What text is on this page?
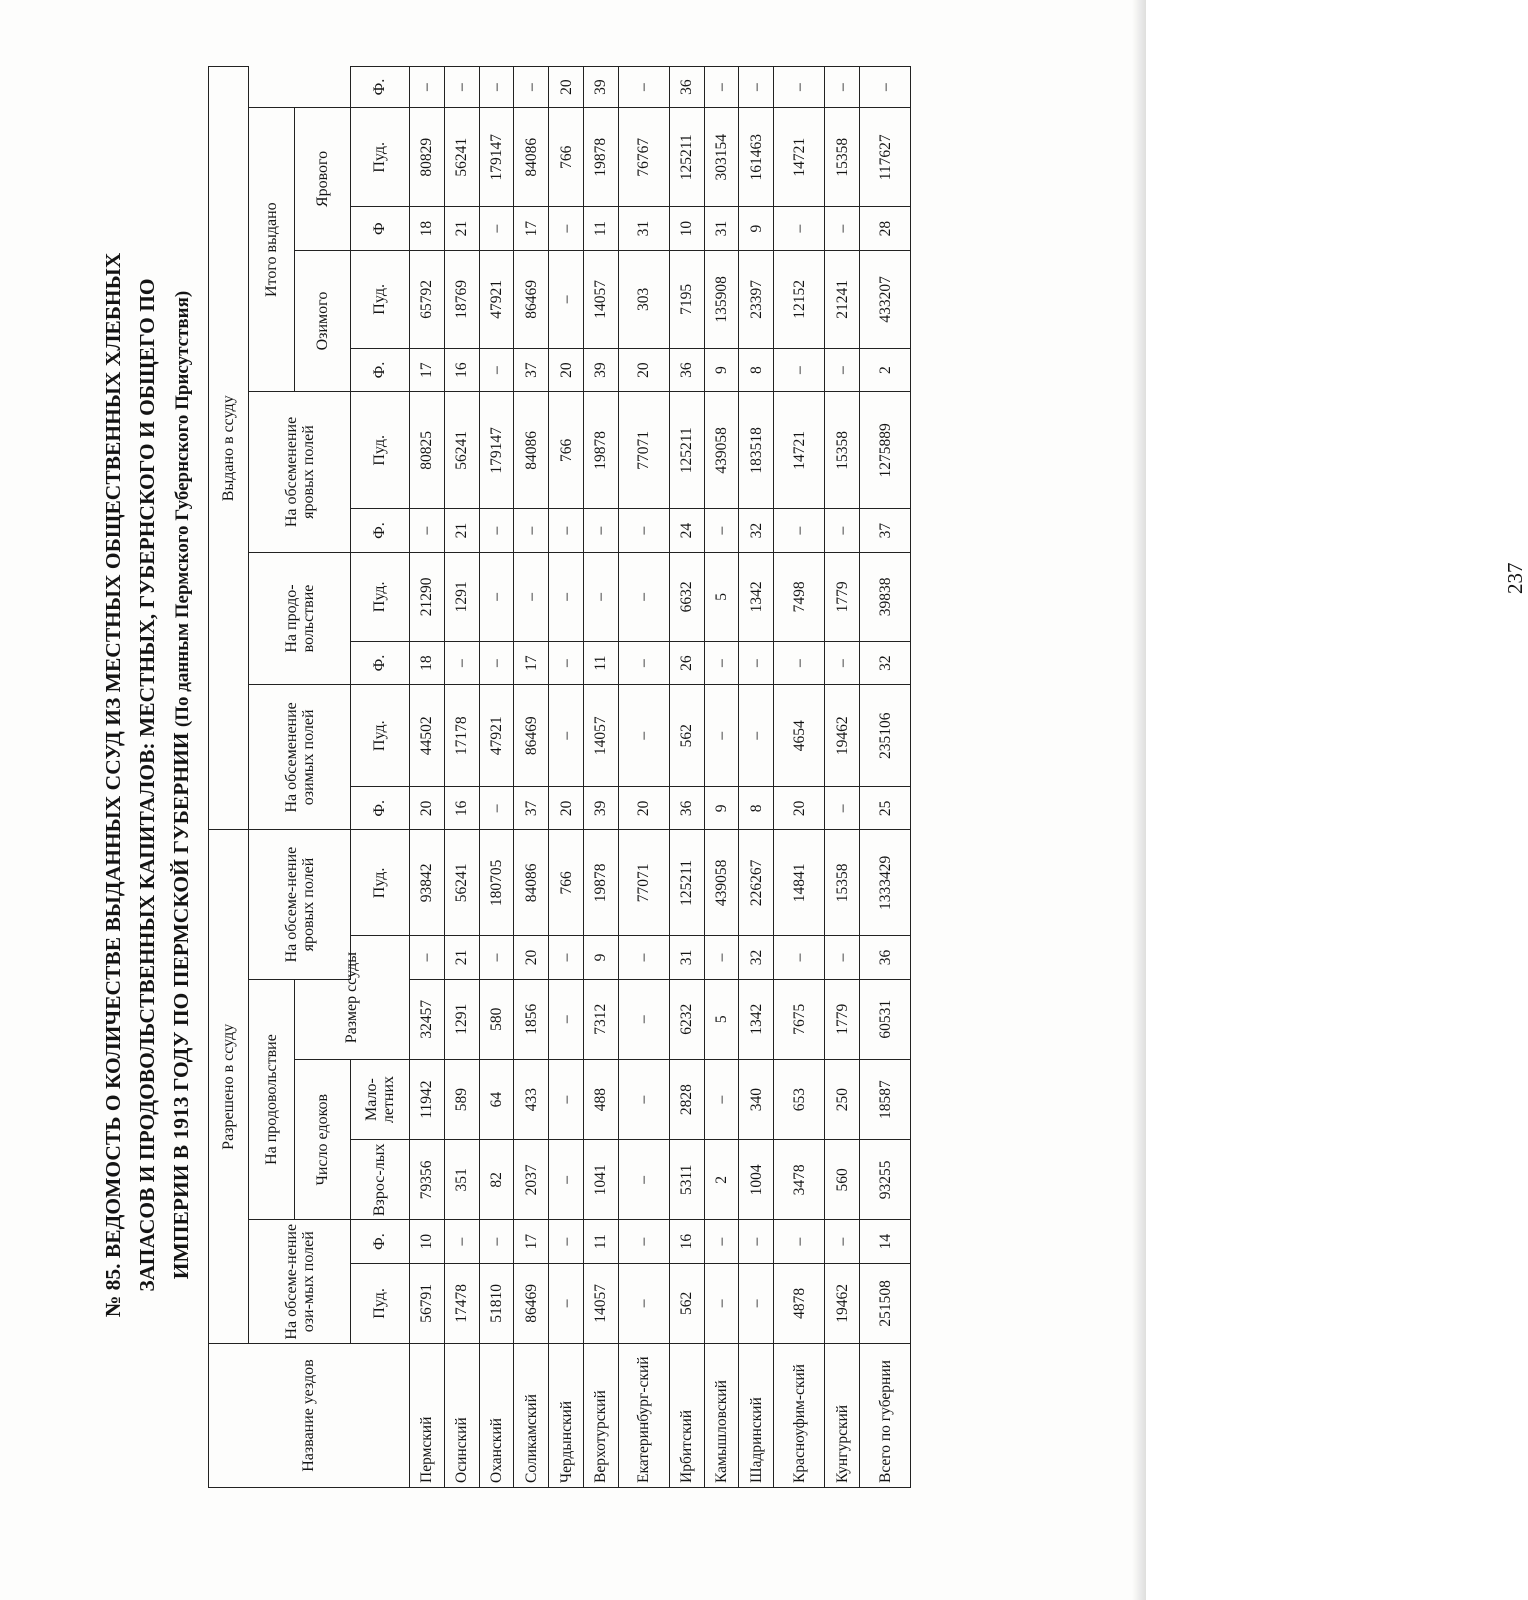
№ 85. ВЕДОМОСТЬ О КОЛИЧЕСТВЕ ВЫДАННЫХ ССУД ИЗ МЕСТНЫХ ОБЩЕСТВЕННЫХ ХЛЕБНЫХ ЗАПАСОВ И ПРОДОВОЛЬСТВЕННЫХ КАПИТАЛОВ: МЕСТНЫХ, ГУБЕРНСКОГО И ОБЩЕГО ПО ИМПЕРИИ В 1913 ГОДУ ПО ПЕРМСКОЙ ГУБЕРНИИ (По данным Пермского Губернского Присутствия)
Название уездов	Разрешено в ссуду							Выдано в ссуду										
	На обсеме-нение ози-мых полей		На продовольствие			На обсеме-нение яровых полей		На обсеменение озимых полей		На продо-вольствие		На обсеменение яровых полей		Итого выдано				
			Число едоков		Размер ссуды									Озимого		Ярового		
	Пуд.	Ф.	Взрос-лых	Мало-летних			Пуд.	Ф.	Пуд.	Ф.	Пуд.	Ф.	Пуд.	Ф.	Пуд.	Ф	Пуд.	Ф.
Пермский	56791	10	79356	11942	32457	–	93842	20	44502	18	21290	–	80825	17	65792	18	80829	–
Осинский	17478	–	351	589	1291	21	56241	16	17178	–	1291	21	56241	16	18769	21	56241	–
Оханский	51810	–	82	64	580	–	180705	–	47921	–	–	–	179147	–	47921	–	179147	–
Соликамский	86469	17	2037	433	1856	20	84086	37	86469	17	–	–	84086	37	86469	17	84086	–
Чердынский	–	–	–	–	–	–	766	20	–	–	–	–	766	20	–	–	766	20
Верхотурский	14057	11	1041	488	7312	9	19878	39	14057	11	–	–	19878	39	14057	11	19878	39
Екатеринбург-ский	–	–	–	–	–	–	77071	20	–	–	–	–	77071	20	303	31	76767	–
Ирбитский	562	16	5311	2828	6232	31	125211	36	562	26	6632	24	125211	36	7195	10	125211	36
Камышловский	–	–	2	–	5	–	439058	9	–	–	5	–	439058	9	135908	31	303154	–
Шадринский	–	–	1004	340	1342	32	226267	8	–	–	1342	32	183518	8	23397	9	161463	–
Красноуфим-ский	4878	–	3478	653	7675	–	14841	20	4654	–	7498	–	14721	–	12152	–	14721	–
Кунгурский	19462	–	560	250	1779	–	15358	–	19462	–	1779	–	15358	–	21241	–	15358	–
Всего по губернии	251508	14	93255	18587	60531	36	1333429	25	235106	32	39838	37	1275889	2	433207	28	117627	–
237
